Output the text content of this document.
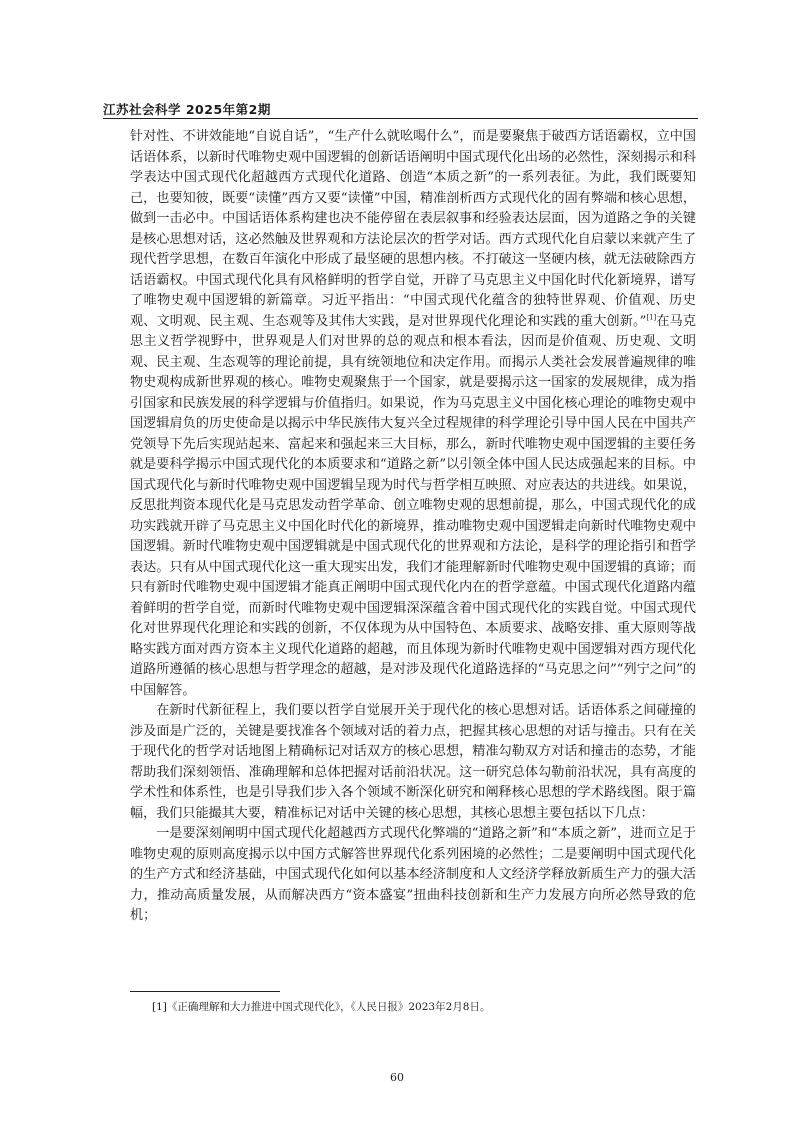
江苏社会科学 2025年第2期

针对性、不讲效能地“自说自话”，“生产什么就吆喝什么”，而是要聚焦于破西方话语霸权，立中国话语体系，以新时代唯物史观中国逻辑的创新话语阐明中国式现代化出场的必然性，深刻揭示和科学表达中国式现代化超越西方式现代化道路、创造“本质之新”的一系列表征。为此，我们既要知己，也要知彼，既要“读懂”西方又要“读懂”中国，精准剖析西方式现代化的固有弊端和核心思想，做到一击必中。中国话语体系构建也决不能停留在表层叙事和经验表达层面，因为道路之争的关键是核心思想对话，这必然触及世界观和方法论层次的哲学对话。西方式现代化自启蒙以来就产生了现代哲学思想，在数百年演化中形成了最坚硬的思想内核。不打破这一坚硬内核，就无法破除西方话语霸权。中国式现代化具有风格鲜明的哲学自觉，开辟了马克思主义中国化时代化新境界，谱写了唯物史观中国逻辑的新篇章。习近平指出：“中国式现代化蕴含的独特世界观、价值观、历史观、文明观、民主观、生态观等及其伟大实践，是对世界现代化理论和实践的重大创新。”[1]在马克思主义哲学视野中，世界观是人们对世界的总的观点和根本看法，因而是价值观、历史观、文明观、民主观、生态观等的理论前提，具有统领地位和决定作用。而揭示人类社会发展普遍规律的唯物史观构成新世界观的核心。唯物史观聚焦于一个国家，就是要揭示这一国家的发展规律，成为指引国家和民族发展的科学逻辑与价值指归。如果说，作为马克思主义中国化核心理论的唯物史观中国逻辑肩负的历史使命是以揭示中华民族伟大复兴全过程规律的科学理论引导中国人民在中国共产党领导下先后实现站起来、富起来和强起来三大目标，那么，新时代唯物史观中国逻辑的主要任务就是要科学揭示中国式现代化的本质要求和“道路之新”以引领全体中国人民达成强起来的目标。中国式现代化与新时代唯物史观中国逻辑呈现为时代与哲学相互映照、对应表达的共进线。如果说，反思批判资本现代化是马克思发动哲学革命、创立唯物史观的思想前提，那么，中国式现代化的成功实践就开辟了马克思主义中国化时代化的新境界，推动唯物史观中国逻辑走向新时代唯物史观中国逻辑。新时代唯物史观中国逻辑就是中国式现代化的世界观和方法论，是科学的理论指引和哲学表达。只有从中国式现代化这一重大现实出发，我们才能理解新时代唯物史观中国逻辑的真谛；而只有新时代唯物史观中国逻辑才能真正阐明中国式现代化内在的哲学意蕴。中国式现代化道路内蕴着鲜明的哲学自觉，而新时代唯物史观中国逻辑深深蕴含着中国式现代化的实践自觉。中国式现代化对世界现代化理论和实践的创新，不仅体现为从中国特色、本质要求、战略安排、重大原则等战略实践方面对西方资本主义现代化道路的超越，而且体现为新时代唯物史观中国逻辑对西方现代化道路所遵循的核心思想与哲学理念的超越，是对涉及现代化道路选择的“马克思之问”“列宁之问”的中国解答。

在新时代新征程上，我们要以哲学自觉展开关于现代化的核心思想对话。话语体系之间碰撞的涉及面是广泛的，关键是要找准各个领域对话的着力点，把握其核心思想的对话与撞击。只有在关于现代化的哲学对话地图上精确标记对话双方的核心思想，精准勾勒双方对话和撞击的态势，才能帮助我们深刻领悟、准确理解和总体把握对话前沿状况。这一研究总体勾勒前沿状况，具有高度的学术性和体系性，也是引导我们步入各个领域不断深化研究和阐释核心思想的学术路线图。限于篇幅，我们只能撮其大要，精准标记对话中关键的核心思想，其核心思想主要包括以下几点：

一是要深刻阐明中国式现代化超越西方式现代化弊端的“道路之新”和“本质之新”，进而立足于唯物史观的原则高度揭示以中国方式解答世界现代化系列困境的必然性；二是要阐明中国式现代化的生产方式和经济基础，中国式现代化如何以基本经济制度和人文经济学释放新质生产力的强大活力，推动高质量发展，从而解决西方“资本盛宴”扭曲科技创新和生产力发展方向所必然导致的危机；

[1]《正确理解和大力推进中国式现代化》，《人民日报》2023年2月8日。
60
